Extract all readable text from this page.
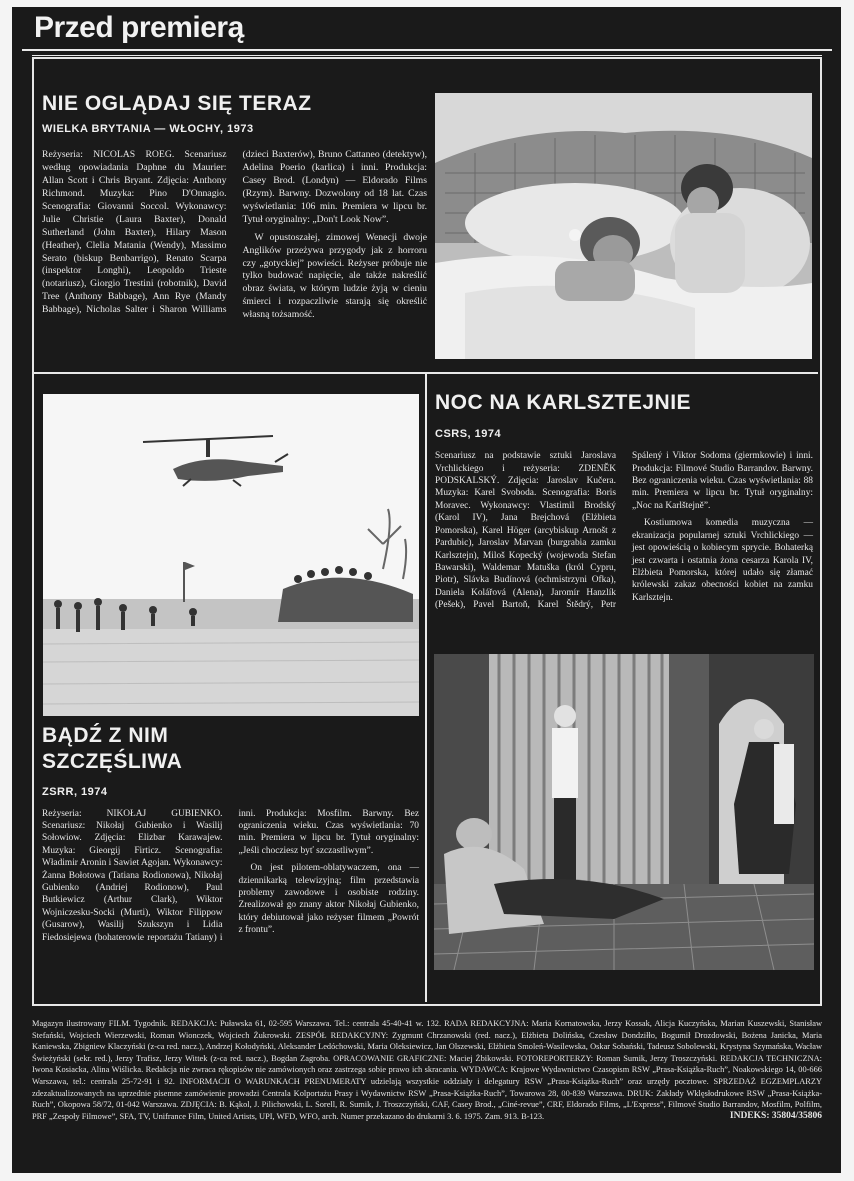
Przed premierą
NIE OGLĄDAJ SIĘ TERAZ
WIELKA BRYTANIA — WŁOCHY, 1973

Reżyseria: NICOLAS ROEG. Scenariusz według opowiadania Daphne du Maurier: Allan Scott i Chris Bryant. Zdjęcia: Anthony Richmond. Muzyka: Pino D'Onnagio. Scenografia: Giovanni Soccol. Wykonawcy: Julie Christie (Laura Baxter), Donald Sutherland (John Baxter), Hilary Mason (Heather), Clelia Matania (Wendy), Massimo Serato (biskup Benbarrigo), Renato Scarpa (inspektor Longhi), Leopoldo Trieste (notariusz), Giorgio Trestini (robotnik), David Tree (Anthony Babbage), Ann Rye (Mandy Babbage), Nicholas Salter i Sharon Williams (dzieci Baxterów), Bruno Cattaneo (detektyw), Adelina Poerio (karlica) i inni. Produkcja: Casey Brod. (Londyn) — Eldorado Films (Rzym). Barwny. Dozwolony od 18 lat. Czas wyświetlania: 106 min. Premiera w lipcu br. Tytuł oryginalny: „Don't Look Now”.

W opustoszałej, zimowej Wenecji dwoje Anglików przeżywa przygody jak z horroru czy „gotyckiej” powieści. Reżyser próbuje nie tylko budować napięcie, ale także nakreślić obraz świata, w którym ludzie żyją w cieniu śmierci i rozpaczliwie starają się określić własną tożsamość.

NOC NA KARLSZTEJNIE
CSRS, 1974

Scenariusz na podstawie sztuki Jaroslava Vrchlickiego i reżyseria: ZDENĚK PODSKALSKÝ. Zdjęcia: Jaroslav Kučera. Muzyka: Karel Svoboda. Scenografia: Boris Moravec. Wykonawcy: Vlastimil Brodský (Karol IV), Jana Brejchová (Elżbieta Pomorska), Karel Höger (arcybiskup Arnošt z Pardubic), Jaroslav Marvan (burgrabia zamku Karlsztejn), Miloš Kopecký (wojewoda Stefan Bawarski), Waldemar Matuška (król Cypru, Piotr), Slávka Budínová (ochmistrzyni Ofka), Daniela Kolářová (Alena), Jaromír Hanzlík (Pešek), Pavel Bartoň, Karel Štědrý, Petr Spálený i Viktor Sodoma (giermkowie) i inni. Produkcja: Filmové Studio Barrandov. Barwny. Bez ograniczenia wieku. Czas wyświetlania: 88 min. Premiera w lipcu br. Tytuł oryginalny: „Noc na Karlštejně”.

Kostiumowa komedia muzyczna — ekranizacja popularnej sztuki Vrchlickiego — jest opowieścią o kobiecym sprycie. Bohaterką jest czwarta i ostatnia żona cesarza Karola IV, Elżbieta Pomorska, której udało się złamać królewski zakaz obecności kobiet na zamku Karlsztejn.

BĄDŹ Z NIM
SZCZĘŚLIWA
ZSRR, 1974

Reżyseria: NIKOŁAJ GUBIENKO. Scenariusz: Nikołaj Gubienko i Wasilij Sołowiow. Zdjęcia: Elizbar Karawajew. Muzyka: Gieorgij Firticz. Scenografia: Władimir Aronin i Sawiet Agojan. Wykonawcy: Żanna Bołotowa (Tatiana Rodionowa), Nikołaj Gubienko (Andriej Rodionow), Paul Butkiewicz (Arthur Clark), Wiktor Wojniczesku-Socki (Murti), Wiktor Filippow (Gusarow), Wasilij Szukszyn i Lidia Fiedosiejewa (bohaterowie reportażu Tatiany) i inni. Produkcja: Mosfilm. Barwny. Bez ograniczenia wieku. Czas wyświetlania: 70 min. Premiera w lipcu br. Tytuł oryginalny: „Jeśli chocziesz byť szczastliwym”.

On jest pilotem-oblatywaczem, ona — dziennikarką telewizyjną; film przedstawia problemy zawodowe i osobiste rodziny. Zrealizował go znany aktor Nikołaj Gubienko, który debiutował jako reżyser filmem „Powrót z frontu”.

Magazyn ilustrowany FILM. Tygodnik. REDAKCJA: Puławska 61, 02-595 Warszawa. Tel.: centrala 45-40-41 w. 132. RADA REDAKCYJNA: Maria Kornatowska, Jerzy Kossak, Alicja Kuczyńska, Marian Kuszewski, Stanisław Stefański, Wojciech Wierzewski, Roman Wionczek, Wojciech Żukrowski. ZESPÓŁ REDAKCYJNY: Zygmunt Chrzanowski (red. nacz.), Elżbieta Dolińska, Czesław Dondziłło, Bogumił Drozdowski, Bożena Janicka, Maria Kaniewska, Zbigniew Klaczyński (z-ca red. nacz.), Andrzej Kołodyński, Aleksander Ledóchowski, Maria Oleksiewicz, Jan Olszewski, Elżbieta Smoleń-Wasilewska, Oskar Sobański, Tadeusz Sobolewski, Krystyna Szymańska, Wacław Świeżyński (sekr. red.), Jerzy Trafisz, Jerzy Wittek (z-ca red. nacz.), Bogdan Zagroba. OPRACOWANIE GRAFICZNE: Maciej Żbikowski. FOTOREPORTERZY: Roman Sumik, Jerzy Troszczyński. REDAKCJA TECHNICZNA: Iwona Kosiacka, Alina Wiślicka. Redakcja nie zwraca rękopisów nie zamówionych oraz zastrzega sobie prawo ich skracania. WYDAWCA: Krajowe Wydawnictwo Czasopism RSW „Prasa-Książka-Ruch”, Noakowskiego 14, 00-666 Warszawa, tel.: centrala 25-72-91 i 92. INFORMACJI O WARUNKACH PRENUMERATY udzielają wszystkie oddziały i delegatury RSW „Prasa-Książka-Ruch” oraz urzędy pocztowe. SPRZEDAŻ EGZEMPLARZY zdezaktualizowanych na uprzednie pisemne zamówienie prowadzi Centrala Kolportażu Prasy i Wydawnictw RSW „Prasa-Książka-Ruch”, Towarowa 28, 00-839 Warszawa. DRUK: Zakłady Wklęsłodrukowe RSW „Prasa-Książka-Ruch”, Okopowa 58/72, 01-042 Warszawa. ZDJĘCIA: B. Kąkol, J. Pilichowski, L. Sorell, R. Sumik, J. Troszczyński, CAF, Casey Brod., „Ciné-revue”, CRF, Eldorado Films, „L'Express”, Filmové Studio Barrandov, Mosfilm, Polfilm, PRF „Zespoły Filmowe”, SFA, TV, Unifrance Film, United Artists, UPI, WFD, WFO, arch. Numer przekazano do drukarni 3. 6. 1975. Zam. 913. B-123.	INDEKS: 35804/35806
